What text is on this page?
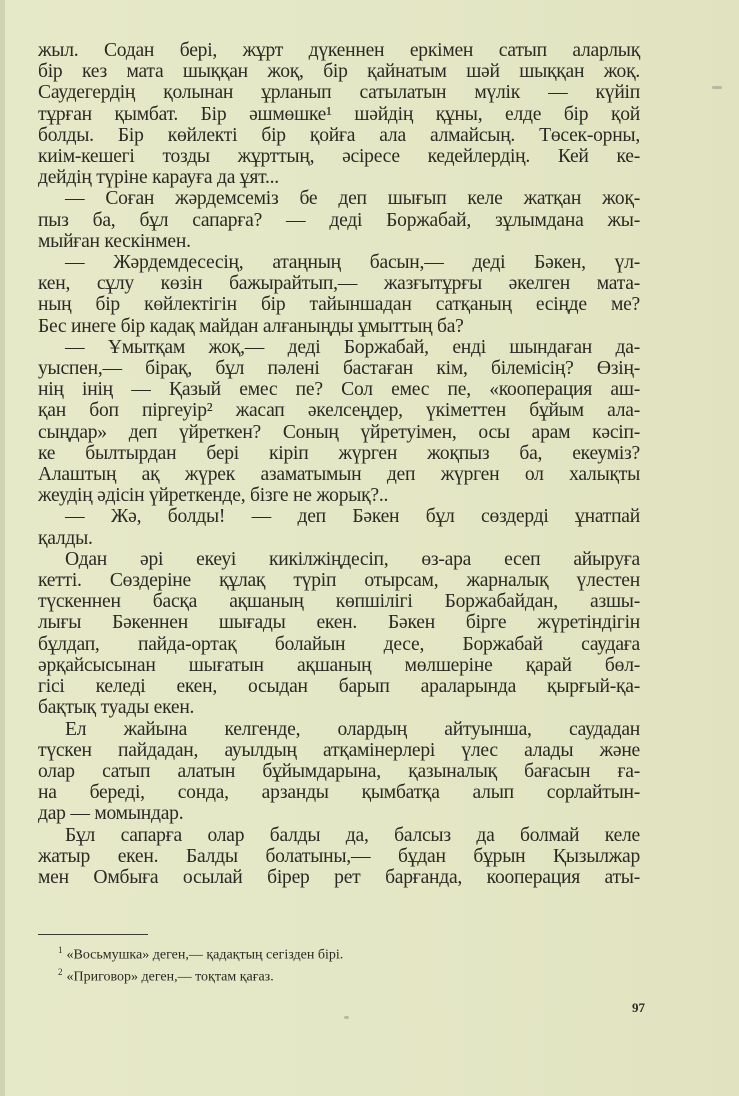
жыл. Содан бері, жұрт дүкеннен еркімен сатып аларлық
бір кез мата шыққан жоқ, бір қайнатым шәй шыққан жоқ.
Саудегердің қолынан ұрланып сатылатын мүлік — күйіп
тұрған қымбат. Бір әшмөшке¹ шәйдің құны, елде бір қой
болды. Бір көйлекті бір қойға ала алмайсың. Төсек-орны,
киім-кешегі тозды жұрттың, әсіресе кедейлердің. Кей ке-
дейдің түріне карауға да ұят...
— Соған жәрдемсеміз бе деп шығып келе жатқан жоқ-
пыз ба, бұл сапарға? — деді Боржабай, зұлымдана жы-
мыйған кескінмен.
— Жәрдемдесесің, атаңның басын,— деді Бәкен, үл-
кен, сұлу көзін бажырайтып,— жазғытұрғы әкелген мата-
ның бір көйлектігін бір тайыншадан сатқаның есіңде ме?
Бес инеге бір кадақ майдан алғаныңды ұмыттың ба?
— Ұмытқам жоқ,— деді Боржабай, енді шындаған да-
уыспен,— бірақ, бұл пәлені бастаған кім, білемісің? Өзің-
нің інің — Қазый емес пе? Сол емес пе, «кооперация аш-
қан боп піргеуір² жасап әкелсеңдер, үкіметтен бұйым ала-
сыңдар» деп үйреткен? Соның үйретуімен, осы арам кәсіп-
ке былтырдан бері кіріп жүрген жоқпыз ба, екеуміз?
Алаштың ақ жүрек азаматымын деп жүрген ол халықты
жеудің әдісін үйреткенде, бізге не жорық?..
— Жә, болды! — деп Бәкен бұл сөздерді ұнатпай
қалды.
Одан әрі екеуі кикілжіңдесіп, өз-ара есеп айыруға
кетті. Сөздеріне құлақ түріп отырсам, жарналық үлестен
түскеннен басқа ақшаның көпшілігі Боржабайдан, азшы-
лығы Бәкеннен шығады екен. Бәкен бірге жүретіндігін
бұлдап, пайда-ортақ болайын десе, Боржабай саудаға
әрқайсысынан шығатын ақшаның мөлшеріне қарай бөл-
гісі келеді екен, осыдан барып араларында қырғый-қа-
бақтық туады екен.
Ел жайына келгенде, олардың айтуынша, саудадан
түскен пайдадан, ауылдың атқамінерлері үлес алады және
олар сатып алатын бұйымдарына, қазыналық бағасын ға-
на береді, сонда, арзанды қымбатқа алып сорлайтын-
дар — момындар.
Бұл сапарға олар балды да, балсыз да болмай келе
жатыр екен. Балды болатыны,— бұдан бұрын Қызылжар
мен Омбыға осылай бірер рет барғанда, кооперация аты-
$^1$ «Восьмушка» деген,— қадақтың сегізден бірі.
$^2$ «Приговор» деген,— тоқтам қағаз.
97
